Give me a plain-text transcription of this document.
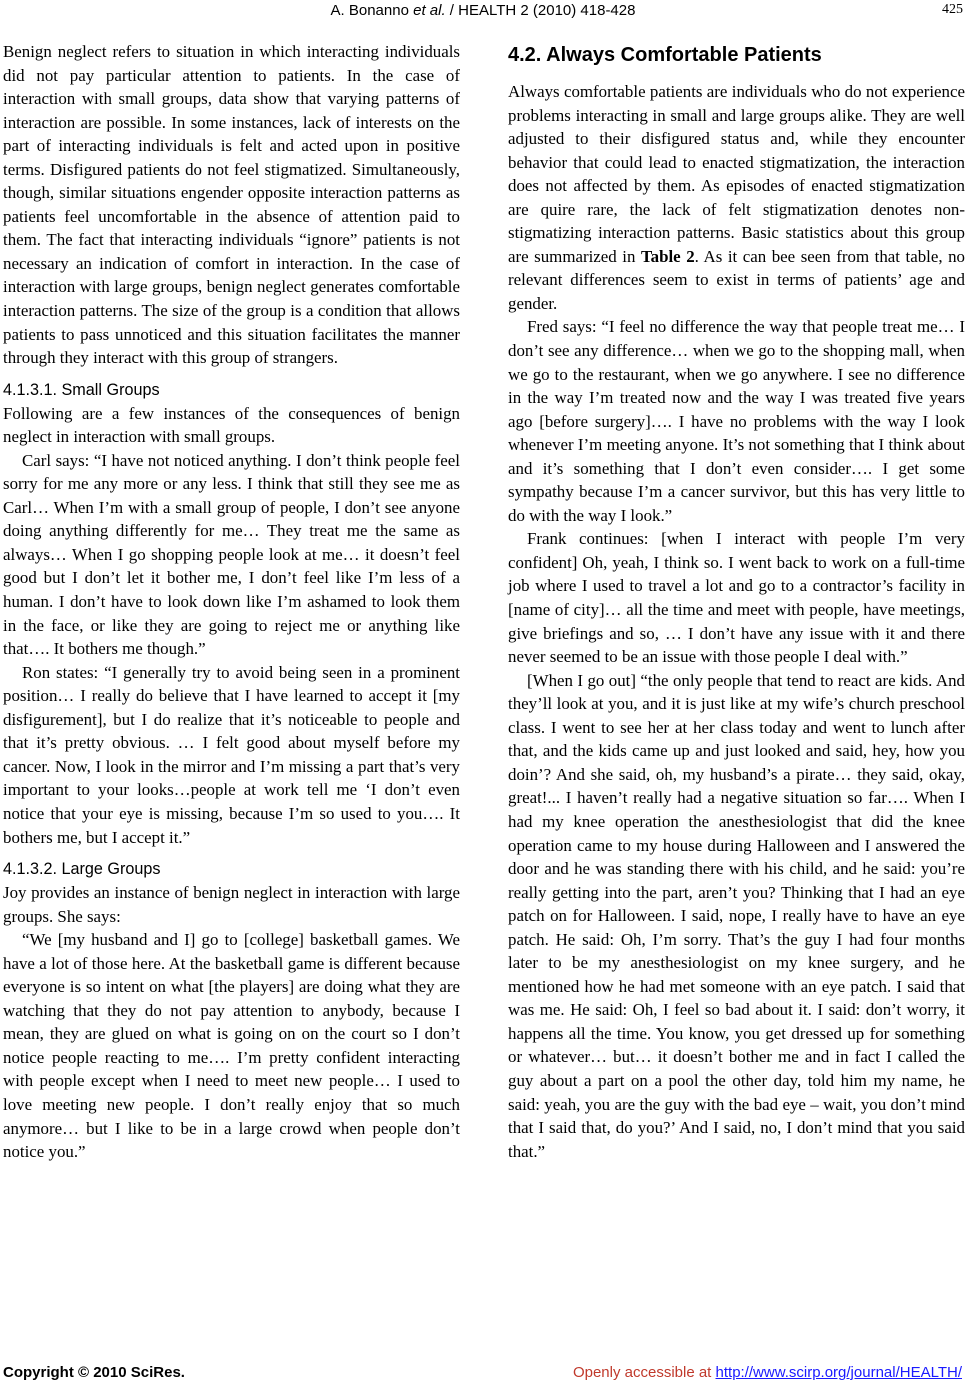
A. Bonanno et al. / HEALTH 2 (2010) 418-428	425

Benign neglect refers to situation in which interacting individuals did not pay particular attention to patients. In the case of interaction with small groups, data show that varying patterns of interaction are possible. In some instances, lack of interests on the part of interacting individuals is felt and acted upon in positive terms. Disfigured patients do not feel stigmatized. Simultaneously, though, similar situations engender opposite interaction patterns as patients feel uncomfortable in the absence of attention paid to them. The fact that interacting individuals “ignore” patients is not necessary an indication of comfort in interaction. In the case of interaction with large groups, benign neglect generates comfortable interaction patterns. The size of the group is a condition that allows patients to pass unnoticed and this situation facilitates the manner through they interact with this group of strangers.

4.1.3.1. Small Groups

Following are a few instances of the consequences of benign neglect in interaction with small groups.

Carl says: “I have not noticed anything. I don’t think people feel sorry for me any more or any less. I think that still they see me as Carl… When I’m with a small group of people, I don’t see anyone doing anything differently for me… They treat me the same as always… When I go shopping people look at me… it doesn’t feel good but I don’t let it bother me, I don’t feel like I’m less of a human. I don’t have to look down like I’m ashamed to look them in the face, or like they are going to reject me or anything like that…. It bothers me though.”

Ron states: “I generally try to avoid being seen in a prominent position… I really do believe that I have learned to accept it [my disfigurement], but I do realize that it’s noticeable to people and that it’s pretty obvious. … I felt good about myself before my cancer. Now, I look in the mirror and I’m missing a part that’s very important to your looks…people at work tell me ‘I don’t even notice that your eye is missing, because I’m so used to you…. It bothers me, but I accept it.”

4.1.3.2. Large Groups

Joy provides an instance of benign neglect in interaction with large groups. She says:

“We [my husband and I] go to [college] basketball games. We have a lot of those here. At the basketball game is different because everyone is so intent on what [the players] are doing what they are watching that they do not pay attention to anybody, because I mean, they are glued on what is going on on the court so I don’t notice people reacting to me…. I’m pretty confident interacting with people except when I need to meet new people… I used to love meeting new people. I don’t really enjoy that so much anymore… but I like to be in a large crowd when people don’t notice you.”

4.2. Always Comfortable Patients

Always comfortable patients are individuals who do not experience problems interacting in small and large groups alike. They are well adjusted to their disfigured status and, while they encounter behavior that could lead to enacted stigmatization, the interaction does not affected by them. As episodes of enacted stigmatization are quire rare, the lack of felt stigmatization denotes non-stigmatizing interaction patterns. Basic statistics about this group are summarized in Table 2. As it can bee seen from that table, no relevant differences seem to exist in terms of patients’ age and gender.

Fred says: “I feel no difference the way that people treat me… I don’t see any difference… when we go to the shopping mall, when we go to the restaurant, when we go anywhere. I see no difference in the way I’m treated now and the way I was treated five years ago [before surgery]…. I have no problems with the way I look whenever I’m meeting anyone. It’s not something that I think about and it’s something that I don’t even consider…. I get some sympathy because I’m a cancer survivor, but this has very little to do with the way I look.”

Frank continues: [when I interact with people I’m very confident] Oh, yeah, I think so. I went back to work on a full-time job where I used to travel a lot and go to a contractor’s facility in [name of city]… all the time and meet with people, have meetings, give briefings and so, … I don’t have any issue with it and there never seemed to be an issue with those people I deal with.”

[When I go out] “the only people that tend to react are kids. And they’ll look at you, and it is just like at my wife’s church preschool class. I went to see her at her class today and went to lunch after that, and the kids came up and just looked and said, hey, how you doin’? And she said, oh, my husband’s a pirate… they said, okay, great!... I haven’t really had a negative situation so far…. When I had my knee operation the anesthesiologist that did the knee operation came to my house during Halloween and I answered the door and he was standing there with his child, and he said: you’re really getting into the part, aren’t you? Thinking that I had an eye patch on for Halloween. I said, nope, I really have to have an eye patch. He said: Oh, I’m sorry. That’s the guy I had four months later to be my anesthesiologist on my knee surgery, and he mentioned how he had met someone with an eye patch. I said that was me. He said: Oh, I feel so bad about it. I said: don’t worry, it happens all the time. You know, you get dressed up for something or whatever… but… it doesn’t bother me and in fact I called the guy about a part on a pool the other day, told him my name, he said: yeah, you are the guy with the bad eye – wait, you don’t mind that I said that, do you?’ And I said, no, I don’t mind that you said that.”

Copyright © 2010 SciRes.	Openly accessible at http://www.scirp.org/journal/HEALTH/
